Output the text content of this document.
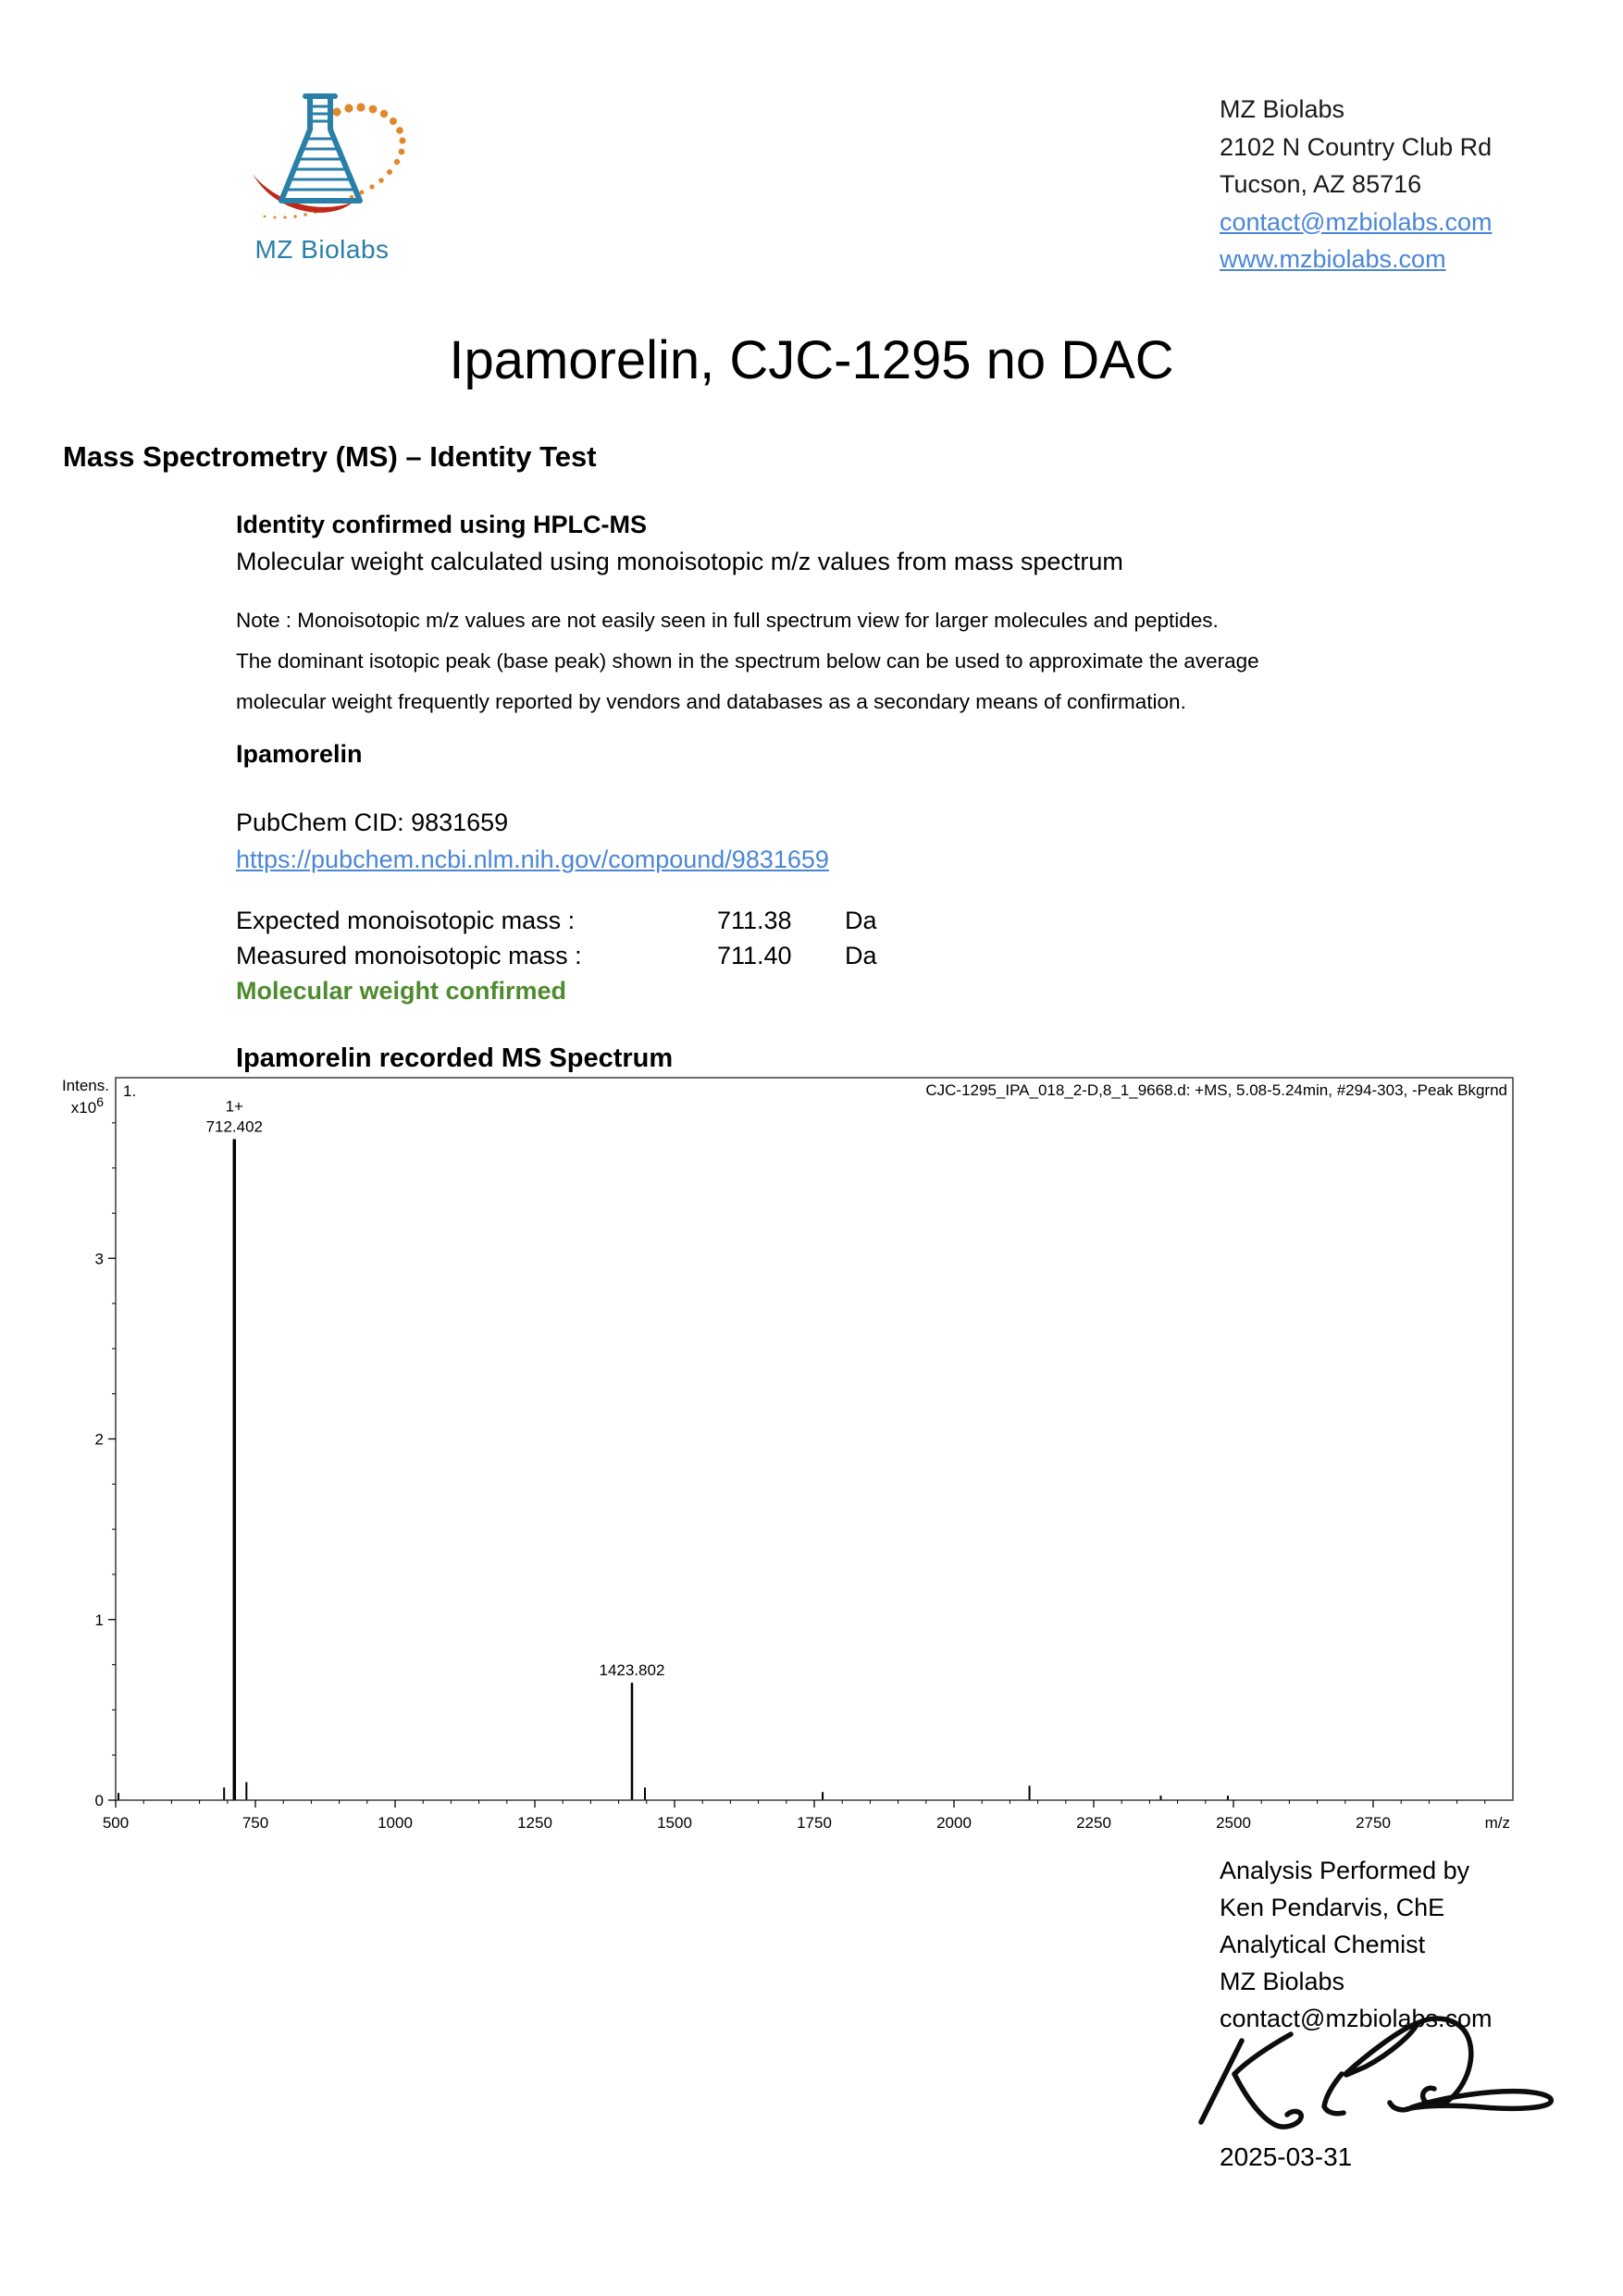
MZ Biolabs
MZ Biolabs
2102 N Country Club Rd
Tucson, AZ 85716
contact@mzbiolabs.com
www.mzbiolabs.com
Ipamorelin, CJC-1295 no DAC
Mass Spectrometry (MS) – Identity Test
Identity confirmed using HPLC-MS
Molecular weight calculated using monoisotopic m/z values from mass spectrum
Note : Monoisotopic m/z values are not easily seen in full spectrum view for larger molecules and peptides.
The dominant isotopic peak (base peak) shown in the spectrum below can be used to approximate the average
molecular weight frequently reported by vendors and databases as a secondary means of confirmation.
Ipamorelin
PubChem CID: 9831659
https://pubchem.ncbi.nlm.nih.gov/compound/9831659
Expected monoisotopic mass :	711.38 Da
Measured monoisotopic mass :	711.40 Da
Molecular weight confirmed
Ipamorelin recorded MS Spectrum
0
1
2
3
500	750	1000	1250	1500	1750	2000	2250	2500	2750	m/z
Intens.
$x10^6$
1.	CJC-1295_IPA_018_2-D,8_1_9668.d: +MS, 5.08-5.24min, #294-303, -Peak Bkgrnd
712.402
1+
1423.802
Analysis Performed by
Ken Pendarvis, ChE
Analytical Chemist
MZ Biolabs
contact@mzbiolabs.com
2025-03-31
